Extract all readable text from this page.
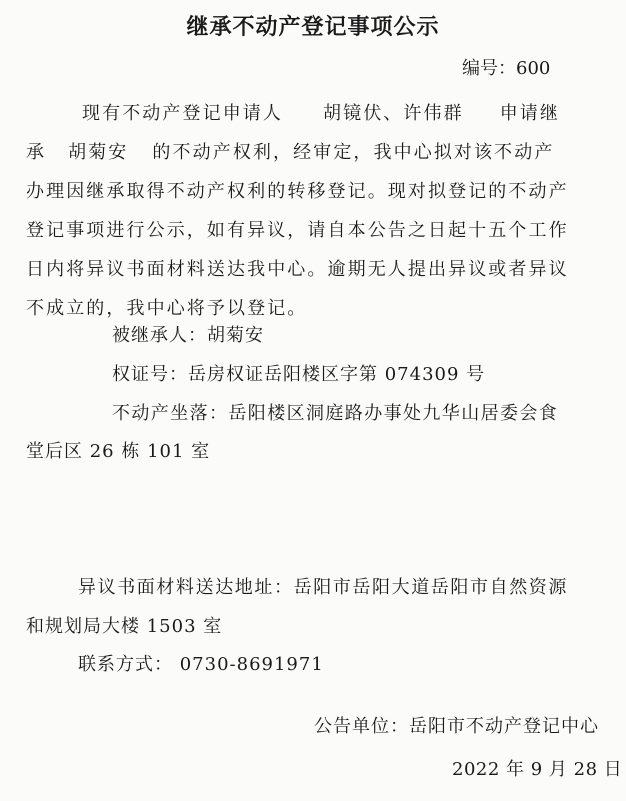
继承不动产登记事项公示
编号：600

现有不动产登记申请人 胡镜伏、许伟群 申请继

承 胡菊安 的不动产权利，经审定，我中心拟对该不动产

办理因继承取得不动产权利的转移登记。现对拟登记的不动产

登记事项进行公示，如有异议，请自本公告之日起十五个工作

日内将异议书面材料送达我中心。逾期无人提出异议或者异议

不成立的，我中心将予以登记。

被继承人：胡菊安
权证号：岳房权证岳阳楼区字第 074309 号
不动产坐落：岳阳楼区洞庭路办事处九华山居委会食
堂后区 26 栋 101 室
异议书面材料送达地址：岳阳市岳阳大道岳阳市自然资源
和规划局大楼 1503 室
联系方式： 0730-8691971
公告单位：岳阳市不动产登记中心
2022 年 9 月 28 日
